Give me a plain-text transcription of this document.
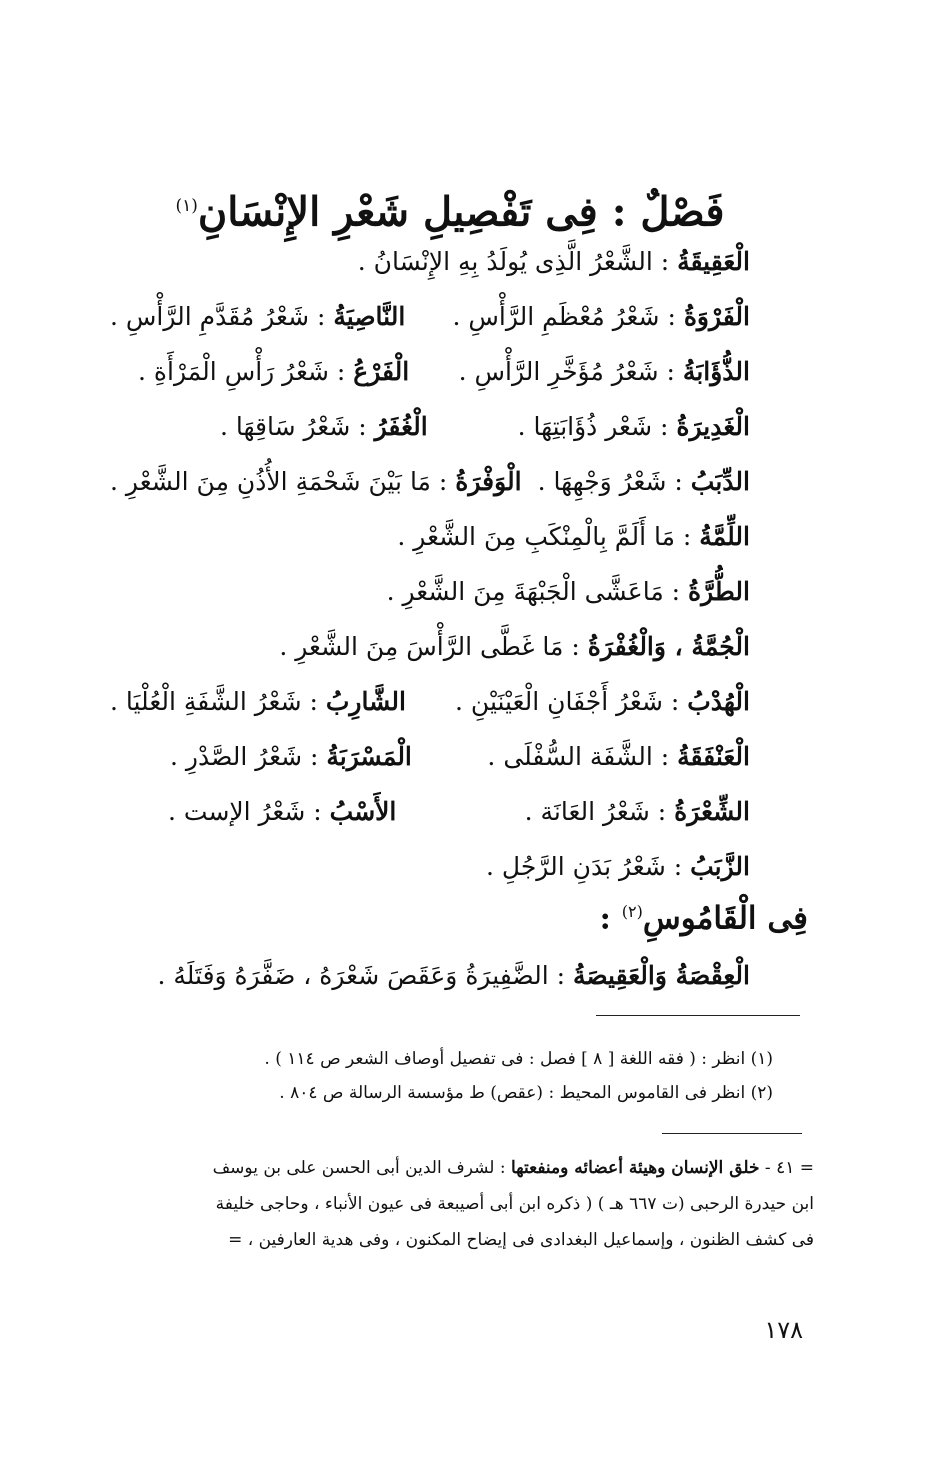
فَصْلٌ : فِى تَفْصِيلِ شَعْرِ الإِنْسَانِ$^{(١)}$
الْعَقِيقَةُ : الشَّعْرُ الَّذِى يُولَدُ بِهِ الإِنْسَانُ .
الْفَرْوَةُ : شَعْرُ مُعْظَمِ الرَّأْسِ .
النَّاصِيَةُ : شَعْرُ مُقَدَّمِ الرَّأْسِ .
الذُّؤَابَةُ : شَعْرُ مُؤَخَّرِ الرَّأْسِ .
الْفَرْعُ : شَعْرُ رَأْسِ الْمَرْأَةِ .
الْغَدِيرَةُ : شَعْر ذُؤَابَتِهَا .
الْغُفَرُ : شَعْرُ سَاقِهَا .
الدِّبَبُ : شَعْرُ وَجْهِهَا .
الْوَفْرَةُ : مَا بَيْنَ شَحْمَةِ الأُذُنِ مِنَ الشَّعْرِ .
اللِّمَّةُ : مَا أَلَمَّ بِالْمِنْكَبِ مِنَ الشَّعْرِ .
الطُّرَّةُ : مَاعَشَّى الْجَبْهَةَ مِنَ الشَّعْرِ .
الْجُمَّةُ ، وَالْغُفْرَةُ : مَا غَطَّى الرَّأْسَ مِنَ الشَّعْرِ .
الْهُدْبُ : شَعْرُ أَجْفَانِ الْعَيْنَيْنِ .
الشَّارِبُ : شَعْرُ الشَّفَةِ الْعُلْيَا .
الْعَنْفَقَةُ : الشَّفَة السُّفْلَى .
الْمَسْرَبَةُ : شَعْرُ الصَّدْرِ .
الشِّعْرَةُ : شَعْرُ العَانَة .
الأَسْبُ : شَعْرُ الإست .
الزَّبَبُ : شَعْرُ بَدَنِ الرَّجُلِ .
فِى الْقَامُوسِ$^{(٢)}$ :
الْعِقْصَةُ وَالْعَقِيصَةُ : الضَّفِيرَةُ وَعَقَصَ شَعْرَهُ ، ضَفَّرَهُ وَفَتَلَهُ .
(١) انظر : ( فقه اللغة [ ٨ ] فصل : فى تفصيل أوصاف الشعر ص ١١٤ ) .
(٢) انظر فى القاموس المحيط : (عقص) ط مؤسسة الرسالة ص ٨٠٤ .
= ٤١ - خلق الإنسان وهيئة أعضائه ومنفعتها : لشرف الدين أبى الحسن على بن يوسف
ابن حيدرة الرحبى (ت ٦٦٧ هـ ) ( ذكره ابن أبى أصيبعة فى عيون الأنباء ، وحاجى خليفة
فى كشف الظنون ، وإسماعيل البغدادى فى إيضاح المكنون ، وفى هدية العارفين ، =
١٧٨
